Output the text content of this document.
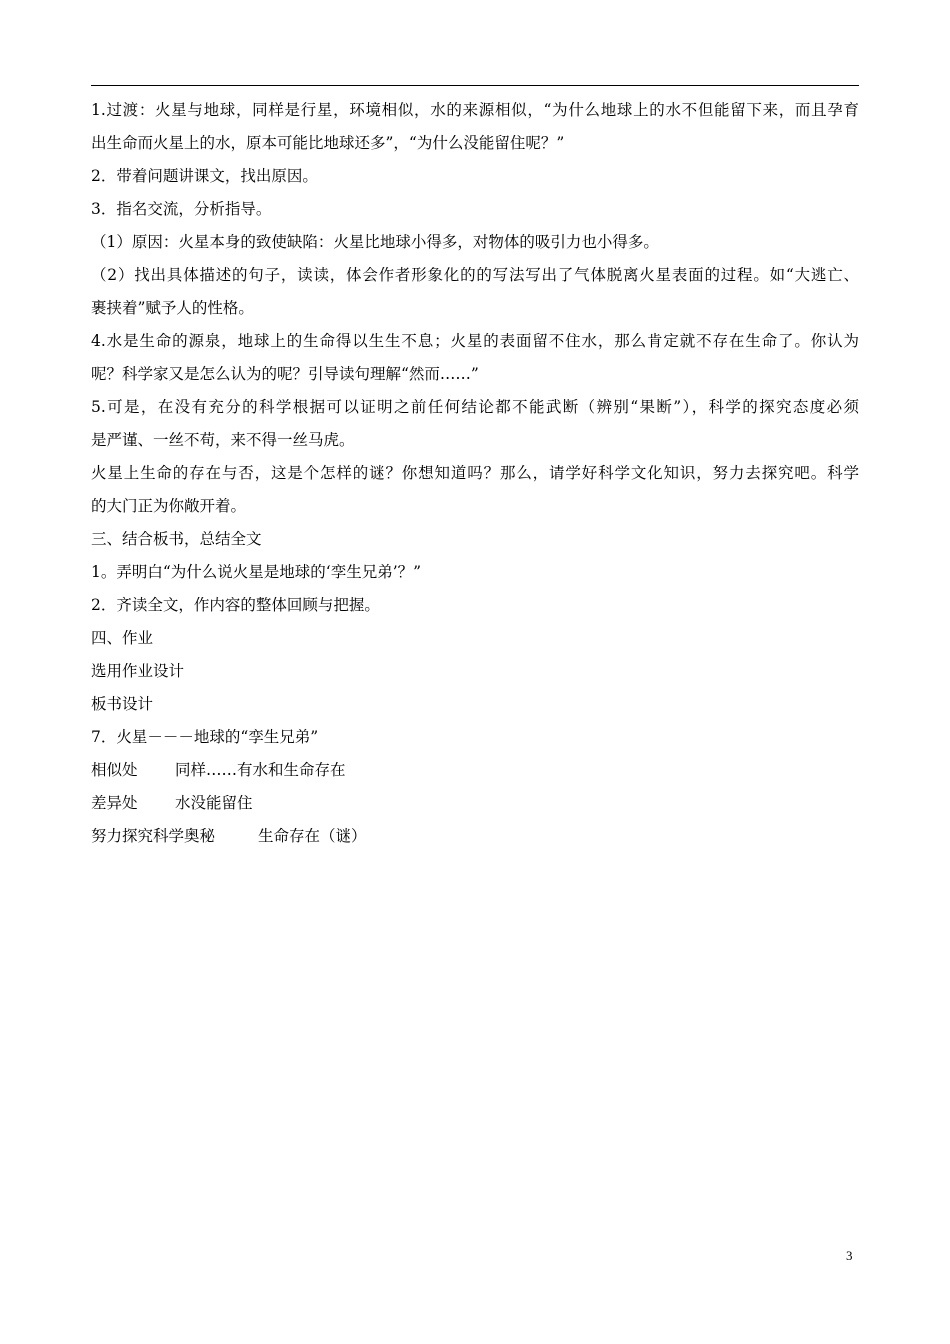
1.过渡：火星与地球，同样是行星，环境相似，水的来源相似，“为什么地球上的水不但能留下来，而且孕育
出生命而火星上的水，原本可能比地球还多”，“为什么没能留住呢？”
2．带着问题讲课文，找出原因。
3．指名交流，分析指导。
（1）原因：火星本身的致使缺陷：火星比地球小得多，对物体的吸引力也小得多。
（2）找出具体描述的句子，读读，体会作者形象化的的写法写出了气体脱离火星表面的过程。如“大逃亡、
裹挟着”赋予人的性格。
4.水是生命的源泉，地球上的生命得以生生不息；火星的表面留不住水，那么肯定就不存在生命了。你认为
呢？科学家又是怎么认为的呢？引导读句理解“然而……”
5.可是，在没有充分的科学根据可以证明之前任何结论都不能武断（辨别“果断”），科学的探究态度必须
是严谨、一丝不苟，来不得一丝马虎。
火星上生命的存在与否，这是个怎样的谜？你想知道吗？那么，请学好科学文化知识，努力去探究吧。科学
的大门正为你敞开着。
三、结合板书，总结全文
1。弄明白“为什么说火星是地球的‘孪生兄弟’？”
2．齐读全文，作内容的整体回顾与把握。
四、作业
选用作业设计
板书设计
7．火星－－－地球的“孪生兄弟”
相似处 同样……有水和生命存在
差异处 水没能留住
努力探究科学奥秘	生命存在（谜）
3
